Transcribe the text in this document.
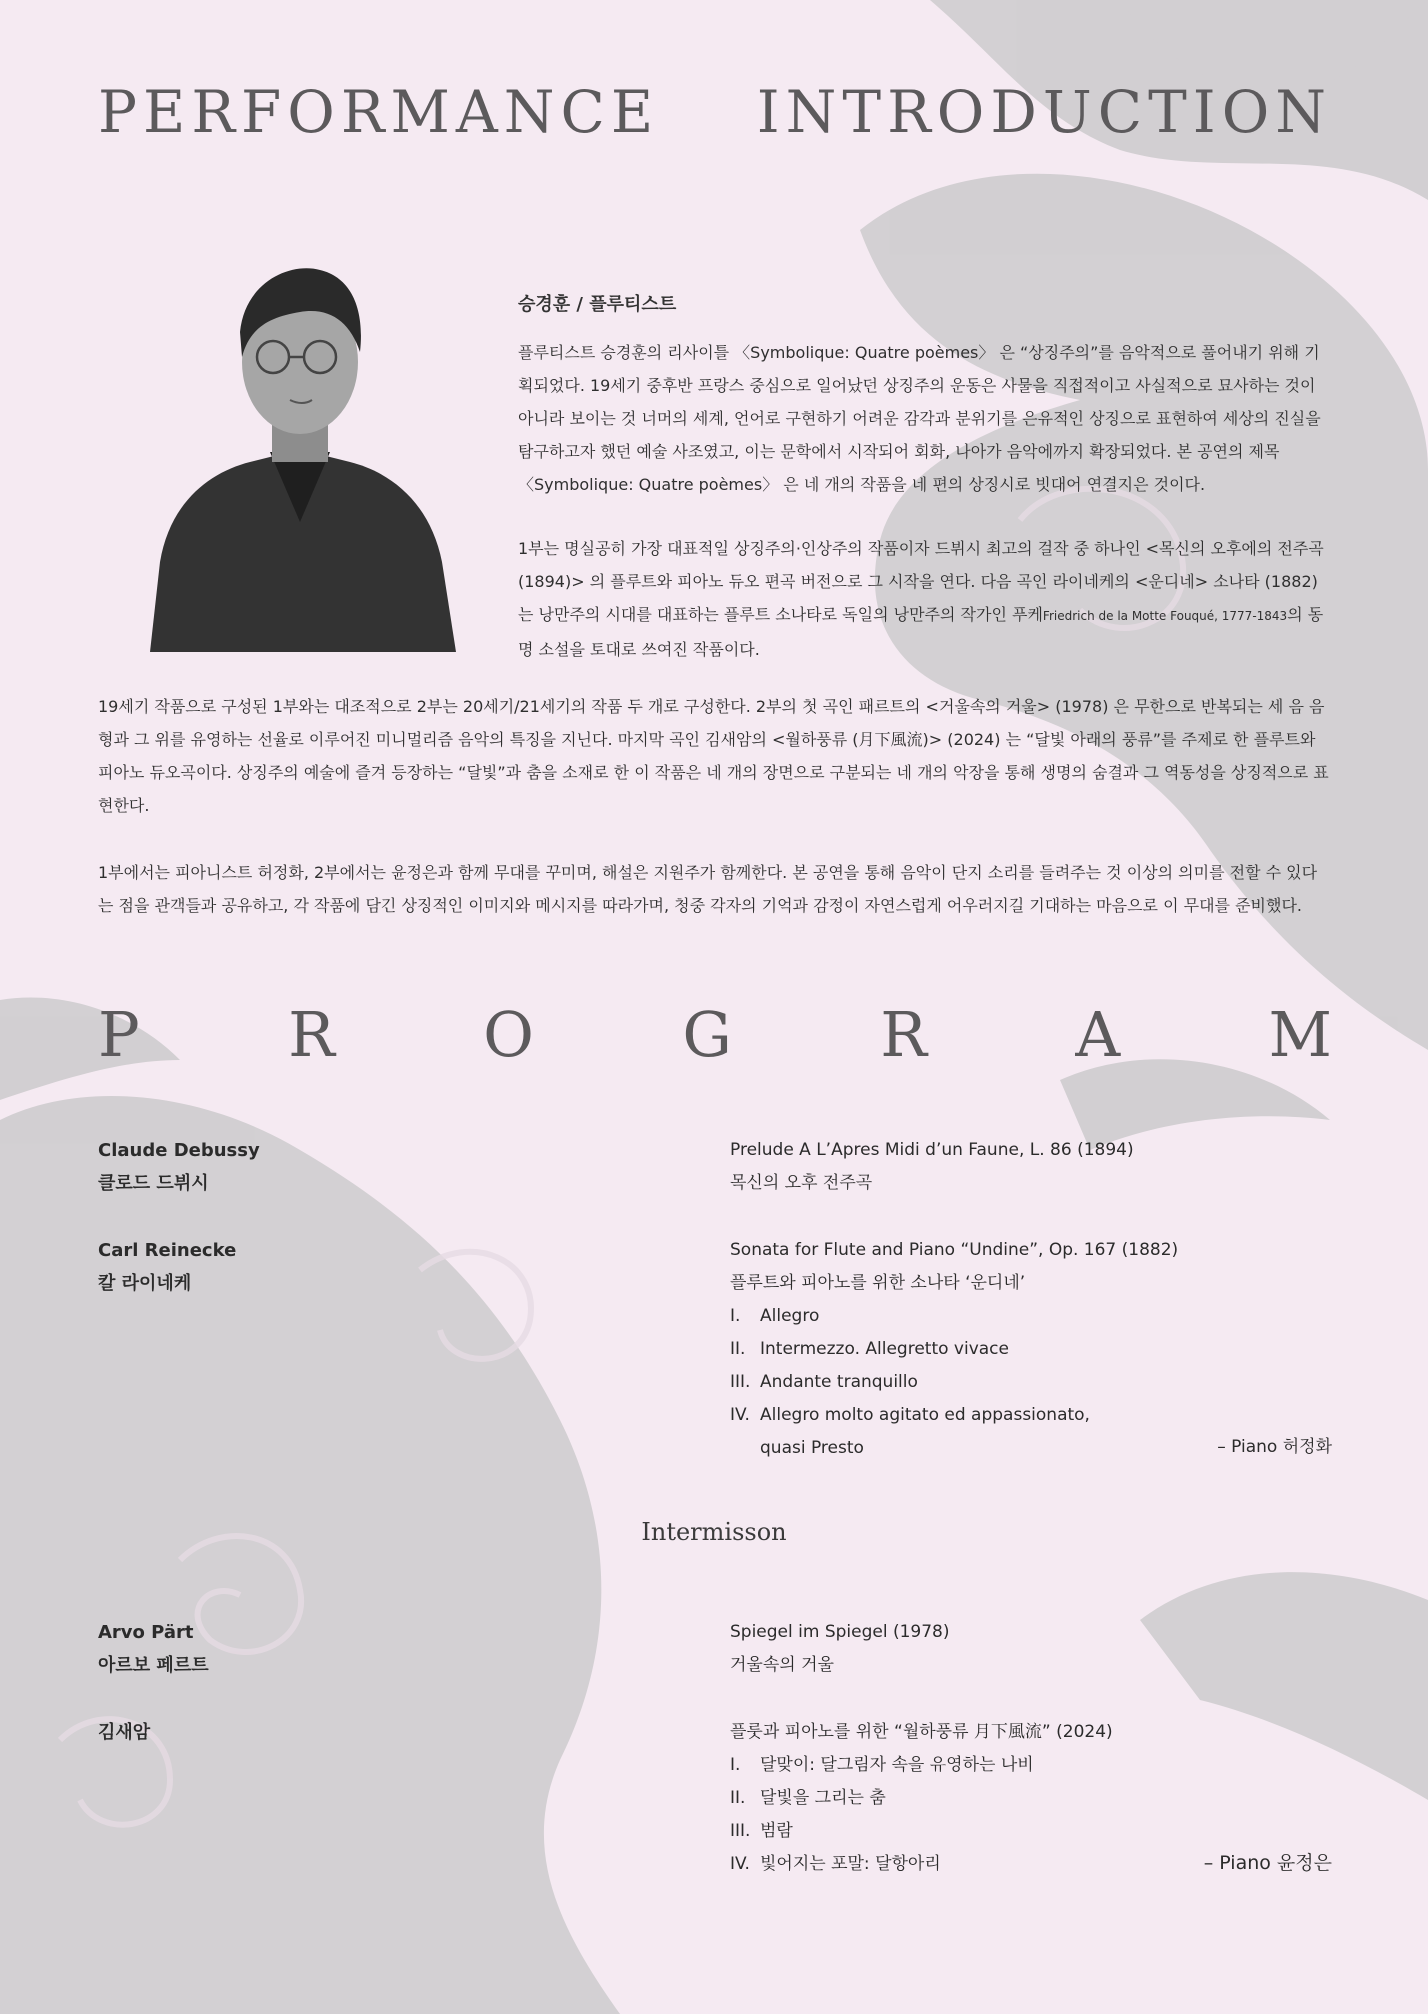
PERFORMANCE INTRODUCTION

승경훈 / 플루티스트

플루티스트 승경훈의 리사이틀 〈Symbolique: Quatre poèmes〉 은 “상징주의”를 음악적으로 풀어내기 위해 기획되었다. 19세기 중후반 프랑스 중심으로 일어났던 상징주의 운동은 사물을 직접적이고 사실적으로 묘사하는 것이 아니라 보이는 것 너머의 세계, 언어로 구현하기 어려운 감각과 분위기를 은유적인 상징으로 표현하여 세상의 진실을 탐구하고자 했던 예술 사조였고, 이는 문학에서 시작되어 회화, 나아가 음악에까지 확장되었다. 본 공연의 제목 〈Symbolique: Quatre poèmes〉 은 네 개의 작품을 네 편의 상징시로 빗대어 연결지은 것이다.

1부는 명실공히 가장 대표적일 상징주의·인상주의 작품이자 드뷔시 최고의 걸작 중 하나인 <목신의 오후에의 전주곡 (1894)> 의 플루트와 피아노 듀오 편곡 버전으로 그 시작을 연다. 다음 곡인 라이네케의 <운디네> 소나타 (1882)는 낭만주의 시대를 대표하는 플루트 소나타로 독일의 낭만주의 작가인 푸케Friedrich de la Motte Fouqué, 1777-1843의 동명 소설을 토대로 쓰여진 작품이다.

19세기 작품으로 구성된 1부와는 대조적으로 2부는 20세기/21세기의 작품 두 개로 구성한다. 2부의 첫 곡인 패르트의 <거울속의 거울> (1978) 은 무한으로 반복되는 세 음 음형과 그 위를 유영하는 선율로 이루어진 미니멀리즘 음악의 특징을 지닌다. 마지막 곡인 김새암의 <월하풍류 (月下風流)> (2024) 는 “달빛 아래의 풍류”를 주제로 한 플루트와 피아노 듀오곡이다. 상징주의 예술에 즐겨 등장하는 “달빛”과 춤을 소재로 한 이 작품은 네 개의 장면으로 구분되는 네 개의 악장을 통해 생명의 숨결과 그 역동성을 상징적으로 표현한다.

1부에서는 피아니스트 허정화, 2부에서는 윤정은과 함께 무대를 꾸미며, 해설은 지원주가 함께한다. 본 공연을 통해 음악이 단지 소리를 들려주는 것 이상의 의미를 전할 수 있다는 점을 관객들과 공유하고, 각 작품에 담긴 상징적인 이미지와 메시지를 따라가며, 청중 각자의 기억과 감정이 자연스럽게 어우러지길 기대하는 마음으로 이 무대를 준비했다.

P R O G R A M
Claude Debussy
클로드 드뷔시
Prelude A L’Apres Midi d’un Faune, L. 86 (1894)
목신의 오후 전주곡
Carl Reinecke
칼 라이네케
Sonata for Flute and Piano “Undine”, Op. 167 (1882)
플루트와 피아노를 위한 소나타 ‘운디네’
I.	Allegro
II. Intermezzo. Allegretto vivace
III. Andante tranquillo
IV. Allegro molto agitato ed appassionato,
quasi Presto	– Piano 허정화
Intermisson
Arvo Pärt
아르보 페르트
Spiegel im Spiegel (1978)
거울속의 거울
김새암	플룻과 피아노를 위한 “월하풍류 月下風流” (2024)
I.	달맞이: 달그림자 속을 유영하는 나비
II. 달빛을 그리는 춤
III. 범람
IV. 빛어지는 포말: 달항아리	– Piano 윤정은
